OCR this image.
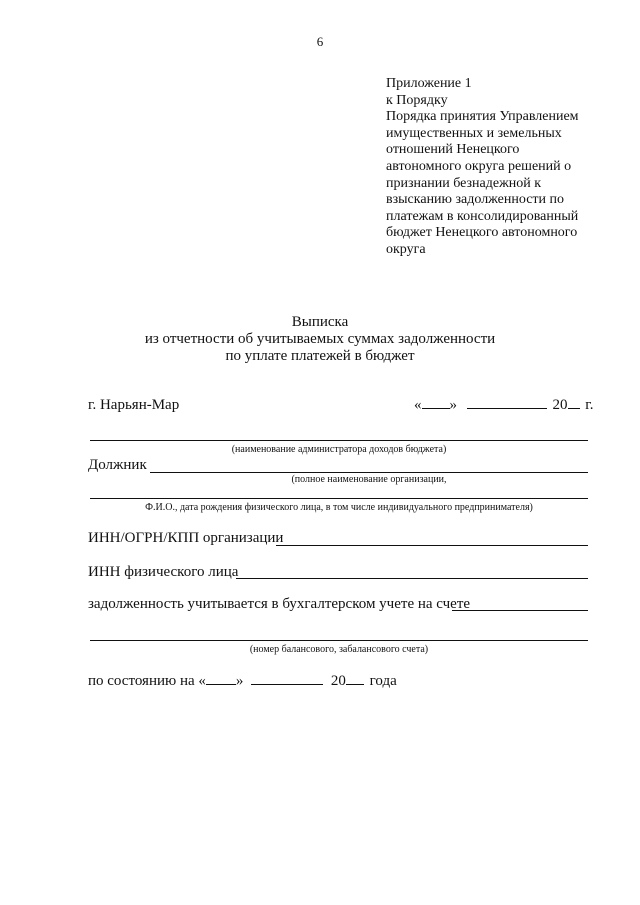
6
Приложение 1
к Порядку
Порядка принятия Управлением
имущественных и земельных
отношений Ненецкого
автономного округа решений о
признании безнадежной к
взысканию задолженности по
платежам в консолидированный
бюджет Ненецкого автономного
округа
Выписка
из отчетности об учитываемых суммах задолженности
по уплате платежей в бюджет
г. Нарьян-Мар	« »	20 г.
(наименование администратора доходов бюджета)
Должник
(полное наименование организации,
Ф.И.О., дата рождения физического лица, в том числе индивидуального предпринимателя)
ИНН/ОГРН/КПП организации
ИНН физического лица
задолженность учитывается в бухгалтерском учете на счете
(номер балансового, забалансового счета)
по состоянию на « »	20 года
